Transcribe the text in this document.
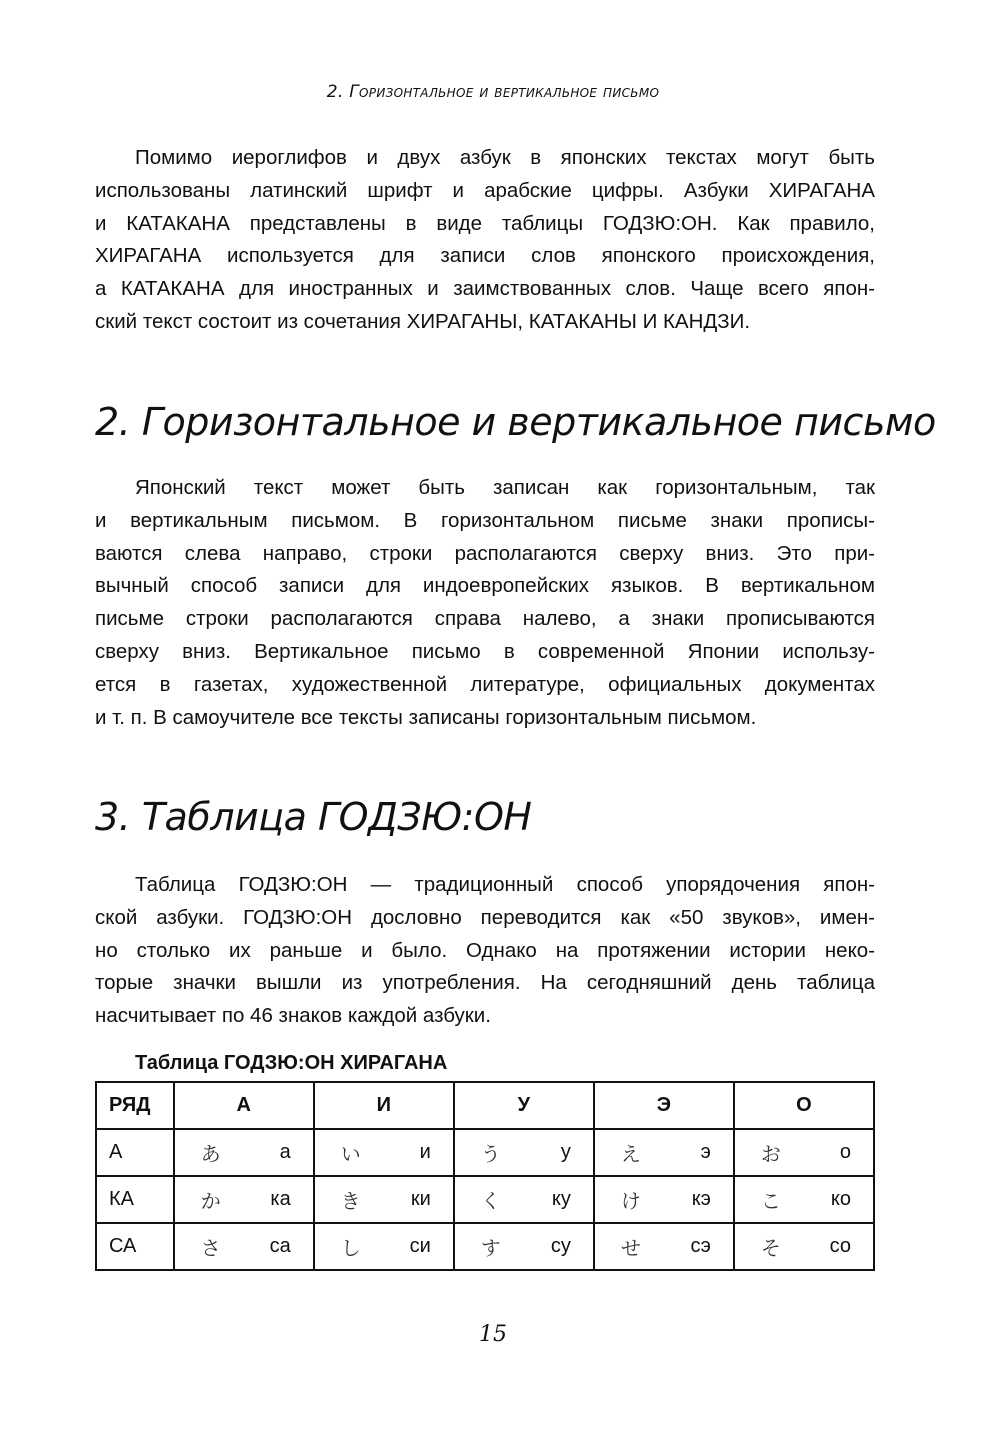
2. Горизонтальное и вертикальное письмо

Помимо иероглифов и двух азбук в японских текстах могут быть
использованы латинский шрифт и арабские цифры. Азбуки ХИРАГАНА
и КАТАКАНА представлены в виде таблицы ГОДЗЮ:ОН. Как правило,
ХИРАГАНА используется для записи слов японского происхождения,
а КАТАКАНА для иностранных и заимствованных слов. Чаще всего япон-
ский текст состоит из сочетания ХИРАГАНЫ, КАТАКАНЫ И КАНДЗИ.

2. Горизонтальное и вертикальное письмо

Японский текст может быть записан как горизонтальным, так
и вертикальным письмом. В горизонтальном письме знаки прописы-
ваются слева направо, строки располагаются сверху вниз. Это при-
вычный способ записи для индоевропейских языков. В вертикальном
письме строки располагаются справа налево, а знаки прописываются
сверху вниз. Вертикальное письмо в современной Японии использу-
ется в газетах, художественной литературе, официальных документах
и т. п. В самоучителе все тексты записаны горизонтальным письмом.

3. Таблица ГОДЗЮ:ОН

Таблица ГОДЗЮ:ОН — традиционный способ упорядочения япон-
ской азбуки. ГОДЗЮ:ОН дословно переводится как «50 звуков», имен-
но столько их раньше и было. Однако на протяжении истории неко-
торые значки вышли из употребления. На сегодняшний день таблица
насчитывает по 46 знаков каждой азбуки.

Таблица ГОДЗЮ:ОН ХИРАГАНА
РЯД	А	И	У	Э	О
А	あ а	い и	う у	え э	お о

КА	か ка	き ки	く ку	け кэ	こ ко

СА	さ са	し си	す су	せ сэ	そ со
15
